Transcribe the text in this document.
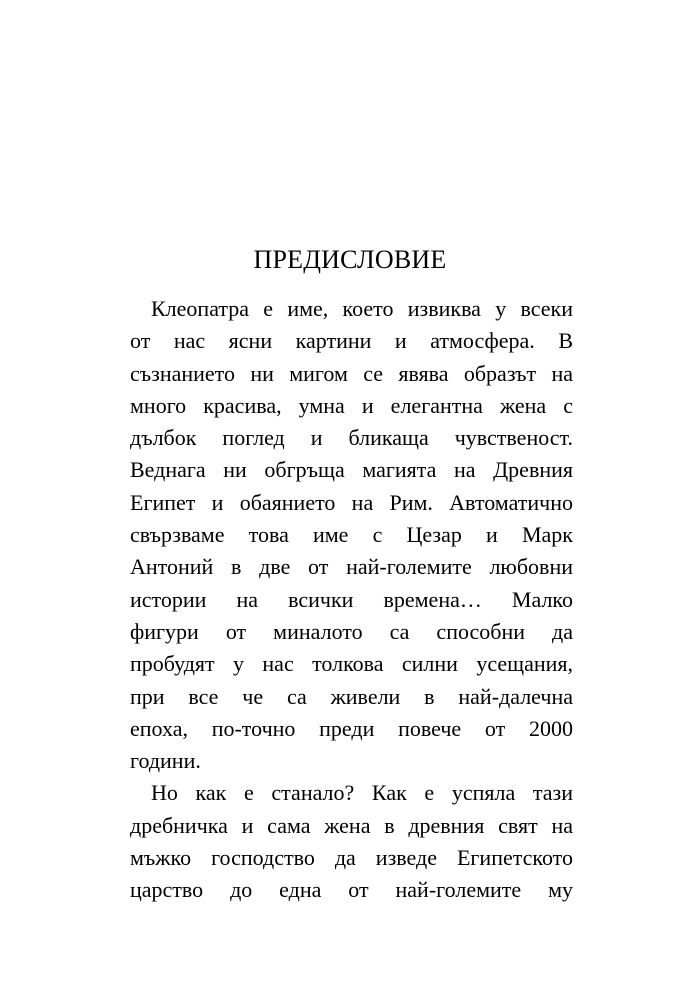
ПРЕДИСЛОВИЕ
Клеопатра е име, което извиква у всеки
от нас ясни картини и атмосфера. В
съзнанието ни мигом се явява образът на
много красива, умна и елегантна жена с
дълбок поглед и бликаща чувственост.
Веднага ни обгръща магията на Древния
Египет и обаянието на Рим. Автоматично
свързваме това име с Цезар и Марк
Антоний в две от най-големите любовни
истории на всички времена… Малко
фигури от миналото са способни да
пробудят у нас толкова силни усещания,
при все че са живели в най-далечна
епоха, по-точно преди повече от 2000
години.
Но как е станало? Как е успяла тази
дребничка и сама жена в древния свят на
мъжко господство да изведе Египетското
царство до една от най-големите му
